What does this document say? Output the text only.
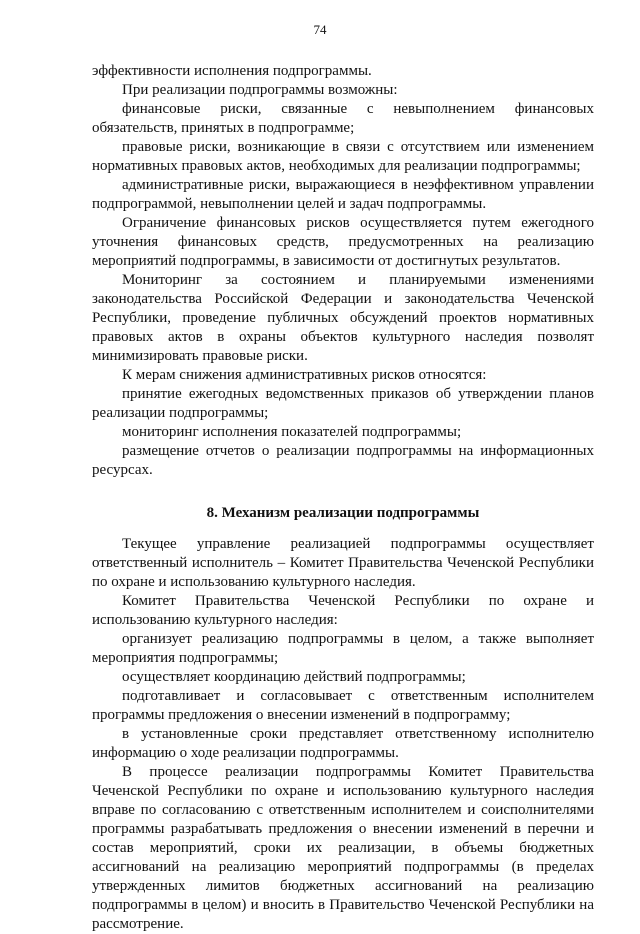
74

эффективности исполнения подпрограммы.

При реализации подпрограммы возможны:

финансовые риски, связанные с невыполнением финансовых обязательств, принятых в подпрограмме;

правовые риски, возникающие в связи с отсутствием или изменением нормативных правовых актов, необходимых для реализации подпрограммы;

административные риски, выражающиеся в неэффективном управлении подпрограммой, невыполнении целей и задач подпрограммы.

Ограничение финансовых рисков осуществляется путем ежегодного уточнения финансовых средств, предусмотренных на реализацию мероприятий подпрограммы, в зависимости от достигнутых результатов.

Мониторинг за состоянием и планируемыми изменениями законодательства Российской Федерации и законодательства Чеченской Республики, проведение публичных обсуждений проектов нормативных правовых актов в охраны объектов культурного наследия позволят минимизировать правовые риски.

К мерам снижения административных рисков относятся:

принятие ежегодных ведомственных приказов об утверждении планов реализации подпрограммы;

мониторинг исполнения показателей подпрограммы;

размещение отчетов о реализации подпрограммы на информационных ресурсах.

8. Механизм реализации подпрограммы

Текущее управление реализацией подпрограммы осуществляет ответственный исполнитель – Комитет Правительства Чеченской Республики по охране и использованию культурного наследия.

Комитет Правительства Чеченской Республики по охране и использованию культурного наследия:

организует реализацию подпрограммы в целом, а также выполняет мероприятия подпрограммы;

осуществляет координацию действий подпрограммы;

подготавливает и согласовывает с ответственным исполнителем программы предложения о внесении изменений в подпрограмму;

в установленные сроки представляет ответственному исполнителю информацию о ходе реализации подпрограммы.

В процессе реализации подпрограммы Комитет Правительства Чеченской Республики по охране и использованию культурного наследия вправе по согласованию с ответственным исполнителем и соисполнителями программы разрабатывать предложения о внесении изменений в перечни и состав мероприятий, сроки их реализации, в объемы бюджетных ассигнований на реализацию мероприятий подпрограммы (в пределах утвержденных лимитов бюджетных ассигнований на реализацию подпрограммы в целом) и вносить в Правительство Чеченской Республики на рассмотрение.
